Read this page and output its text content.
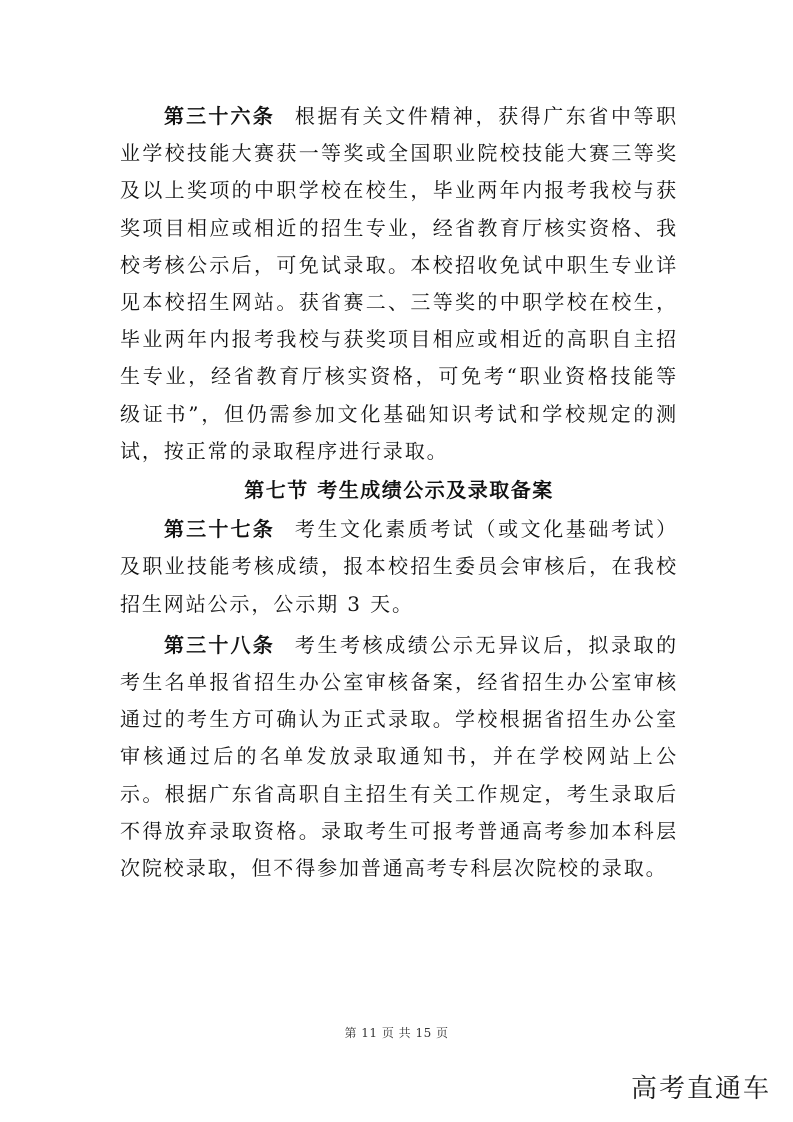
第三十六条 根据有关文件精神，获得广东省中等职业学校技能大赛获一等奖或全国职业院校技能大赛三等奖及以上奖项的中职学校在校生，毕业两年内报考我校与获奖项目相应或相近的招生专业，经省教育厅核实资格、我校考核公示后，可免试录取。本校招收免试中职生专业详见本校招生网站。获省赛二、三等奖的中职学校在校生，毕业两年内报考我校与获奖项目相应或相近的高职自主招生专业，经省教育厅核实资格，可免考“职业资格技能等级证书”，但仍需参加文化基础知识考试和学校规定的测试，按正常的录取程序进行录取。

第七节 考生成绩公示及录取备案

第三十七条 考生文化素质考试（或文化基础考试）及职业技能考核成绩，报本校招生委员会审核后，在我校招生网站公示，公示期 3 天。

第三十八条 考生考核成绩公示无异议后，拟录取的考生名单报省招生办公室审核备案，经省招生办公室审核通过的考生方可确认为正式录取。学校根据省招生办公室审核通过后的名单发放录取通知书，并在学校网站上公示。根据广东省高职自主招生有关工作规定，考生录取后不得放弃录取资格。录取考生可报考普通高考参加本科层次院校录取，但不得参加普通高考专科层次院校的录取。

第 11 页 共 15 页
高考直通车
